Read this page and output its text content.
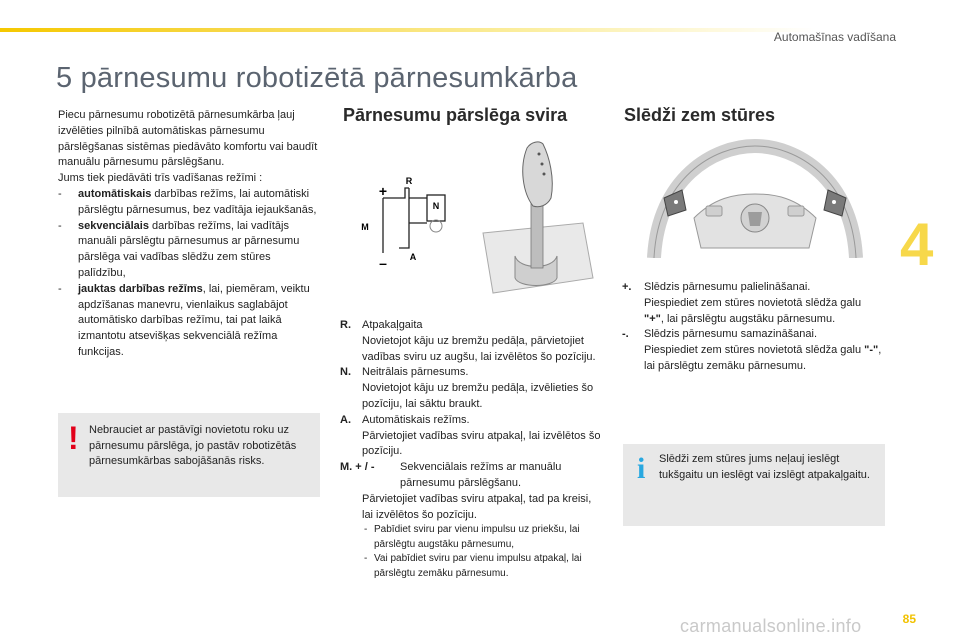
Automašīnas vadīšana
5 pārnesumu robotizētā pārnesumkārba
4

Piecu pārnesumu robotizētā pārnesumkārba ļauj izvēlēties pilnībā automātiskas pārnesumu pārslēgšanas sistēmas piedāvāto komfortu vai baudīt manuālu pārnesumu pārslēgšanu.

Jums tiek piedāvāti trīs vadīšanas režīmi :

- automātiskais darbības režīms, lai automātiski pārslēgtu pārnesumus, bez vadītāja iejaukšanās,
- sekvenciālais darbības režīms, lai vadītājs manuāli pārslēgtu pārnesumus ar pārnesumu pārslēga vai vadības slēdžu zem stūres palīdzību,
- jauktas darbības režīms, lai, piemēram, veiktu apdzīšanas manevru, vienlaikus saglabājot automātisko darbības režīmu, tai pat laikā izmantotu atsevišķas sekvenciālā režīma funkcijas.
! Nebrauciet ar pastāvīgi novietotu roku uz pārnesumu pārslēga, jo pastāv robotizētās pārnesumkārbas sabojāšanās risks.
Pārnesumu pārslēga svira
R
N
A
M
+
–
R. Atpakaļgaita
Novietojot kāju uz bremžu pedāļa, pārvietojiet vadības sviru uz augšu, lai izvēlētos šo pozīciju.
N. Neitrālais pārnesums.
Novietojot kāju uz bremžu pedāļa, izvēlieties šo pozīciju, lai sāktu braukt.
A. Automātiskais režīms.
Pārvietojiet vadības sviru atpakaļ, lai izvēlētos šo pozīciju.
M. + / - Sekvenciālais režīms ar manuālu pārnesumu pārslēgšanu.
Pārvietojiet vadības sviru atpakaļ, tad pa kreisi, lai izvēlētos šo pozīciju.
- Pabīdiet sviru par vienu impulsu uz priekšu, lai pārslēgtu augstāku pārnesumu,
- Vai pabīdiet sviru par vienu impulsu atpakaļ, lai pārslēgtu zemāku pārnesumu.
Slēdži zem stūres
+. Slēdzis pārnesumu palielināšanai.
Piespiediet zem stūres novietotā slēdža galu "+", lai pārslēgtu augstāku pārnesumu.
-. Slēdzis pārnesumu samazināšanai.
Piespiediet zem stūres novietotā slēdža galu "-", lai pārslēgtu zemāku pārnesumu.
i Slēdži zem stūres jums neļauj ieslēgt tukšgaitu un ieslēgt vai izslēgt atpakaļgaitu.
carmanualsonline.info	85
